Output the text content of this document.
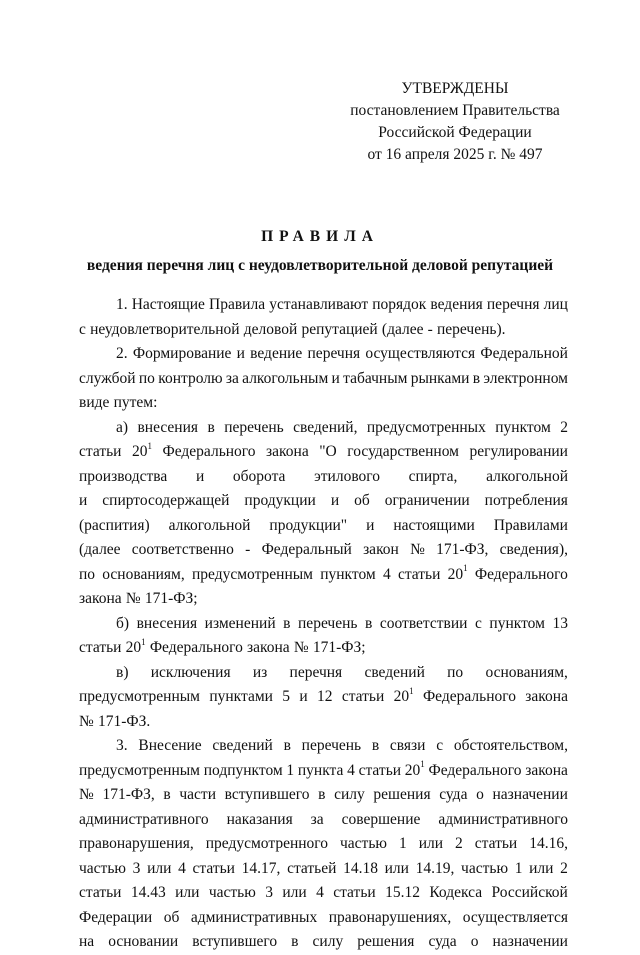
УТВЕРЖДЕНЫ
постановлением Правительства
Российской Федерации
от 16 апреля 2025 г. № 497
ПРАВИЛА
ведения перечня лиц с неудовлетворительной деловой репутацией
1. Настоящие Правила устанавливают порядок ведения перечня лиц
с неудовлетворительной деловой репутацией (далее - перечень).
2. Формирование и ведение перечня осуществляются Федеральной
службой по контролю за алкогольным и табачным рынками в электронном
виде путем:
а) внесения в перечень сведений, предусмотренных пунктом 2
статьи $20^1$ Федерального закона "О государственном регулировании
производства и оборота этилового спирта, алкогольной
и спиртосодержащей продукции и об ограничении потребления
(распития) алкогольной продукции" и настоящими Правилами
(далее соответственно - Федеральный закон № 171-ФЗ, сведения),
по основаниям, предусмотренным пунктом 4 статьи $20^1$ Федерального
закона № 171-ФЗ;
б) внесения изменений в перечень в соответствии с пунктом 13
статьи $20^1$ Федерального закона № 171-ФЗ;
в) исключения из перечня сведений по основаниям,
предусмотренным пунктами 5 и 12 статьи $20^1$ Федерального закона
№ 171-ФЗ.
3. Внесение сведений в перечень в связи с обстоятельством,
предусмотренным подпунктом 1 пункта 4 статьи $20^1$ Федерального закона
№ 171-ФЗ, в части вступившего в силу решения суда о назначении
административного наказания за совершение административного
правонарушения, предусмотренного частью 1 или 2 статьи 14.16,
частью 3 или 4 статьи 14.17, статьей 14.18 или 14.19, частью 1 или 2
статьи 14.43 или частью 3 или 4 статьи 15.12 Кодекса Российской
Федерации об административных правонарушениях, осуществляется
на основании вступившего в силу решения суда о назначении
